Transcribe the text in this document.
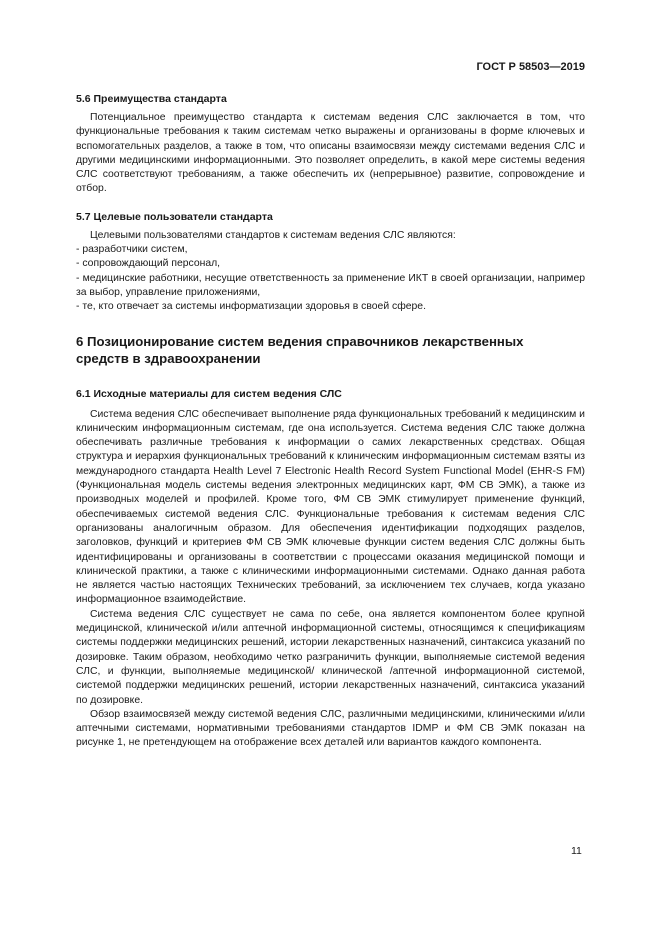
ГОСТ Р 58503—2019
5.6 Преимущества стандарта

Потенциальное преимущество стандарта к системам ведения СЛС заключается в том, что функциональные требования к таким системам четко выражены и организованы в форме ключевых и вспомогательных разделов, а также в том, что описаны взаимосвязи между системами ведения СЛС и другими медицинскими информационными. Это позволяет определить, в какой мере системы ведения СЛС соответствуют требованиям, а также обеспечить их (непрерывное) развитие, сопровождение и отбор.

5.7 Целевые пользователи стандарта

Целевыми пользователями стандартов к системам ведения СЛС являются:

- разработчики систем,
- сопровождающий персонал,
- медицинские работники, несущие ответственность за применение ИКТ в своей организации, например за выбор, управление приложениями,
- те, кто отвечает за системы информатизации здоровья в своей сфере.
6 Позиционирование систем ведения справочников лекарственных средств в здравоохранении
6.1 Исходные материалы для систем ведения СЛС

Система ведения СЛС обеспечивает выполнение ряда функциональных требований к медицинским и клиническим информационным системам, где она используется. Система ведения СЛС также должна обеспечивать различные требования к информации о самих лекарственных средствах. Общая структура и иерархия функциональных требований к клиническим информационным системам взяты из международного стандарта Health Level 7 Electronic Health Record System Functional Model (EHR-S FM) (Функциональная модель системы ведения электронных медицинских карт, ФМ СВ ЭМК), а также из производных моделей и профилей. Кроме того, ФМ СВ ЭМК стимулирует применение функций, обеспечиваемых системой ведения СЛС. Функциональные требования к системам ведения СЛС организованы аналогичным образом. Для обеспечения идентификации подходящих разделов, заголовков, функций и критериев ФМ СВ ЭМК ключевые функции систем ведения СЛС должны быть идентифицированы и организованы в соответствии с процессами оказания медицинской помощи и клинической практики, а также с клиническими информационными системами. Однако данная работа не является частью настоящих Технических требований, за исключением тех случаев, когда указано информационное взаимодействие.

Система ведения СЛС существует не сама по себе, она является компонентом более крупной медицинской, клинической и/или аптечной информационной системы, относящимся к спецификациям системы поддержки медицинских решений, истории лекарственных назначений, синтаксиса указаний по дозировке. Таким образом, необходимо четко разграничить функции, выполняемые системой ведения СЛС, и функции, выполняемые медицинской/ клинической /аптечной информационной системой, системой поддержки медицинских решений, истории лекарственных назначений, синтаксиса указаний по дозировке.

Обзор взаимосвязей между системой ведения СЛС, различными медицинскими, клиническими и/или аптечными системами, нормативными требованиями стандартов IDMP и ФМ СВ ЭМК показан на рисунке 1, не претендующем на отображение всех деталей или вариантов каждого компонента.

11
